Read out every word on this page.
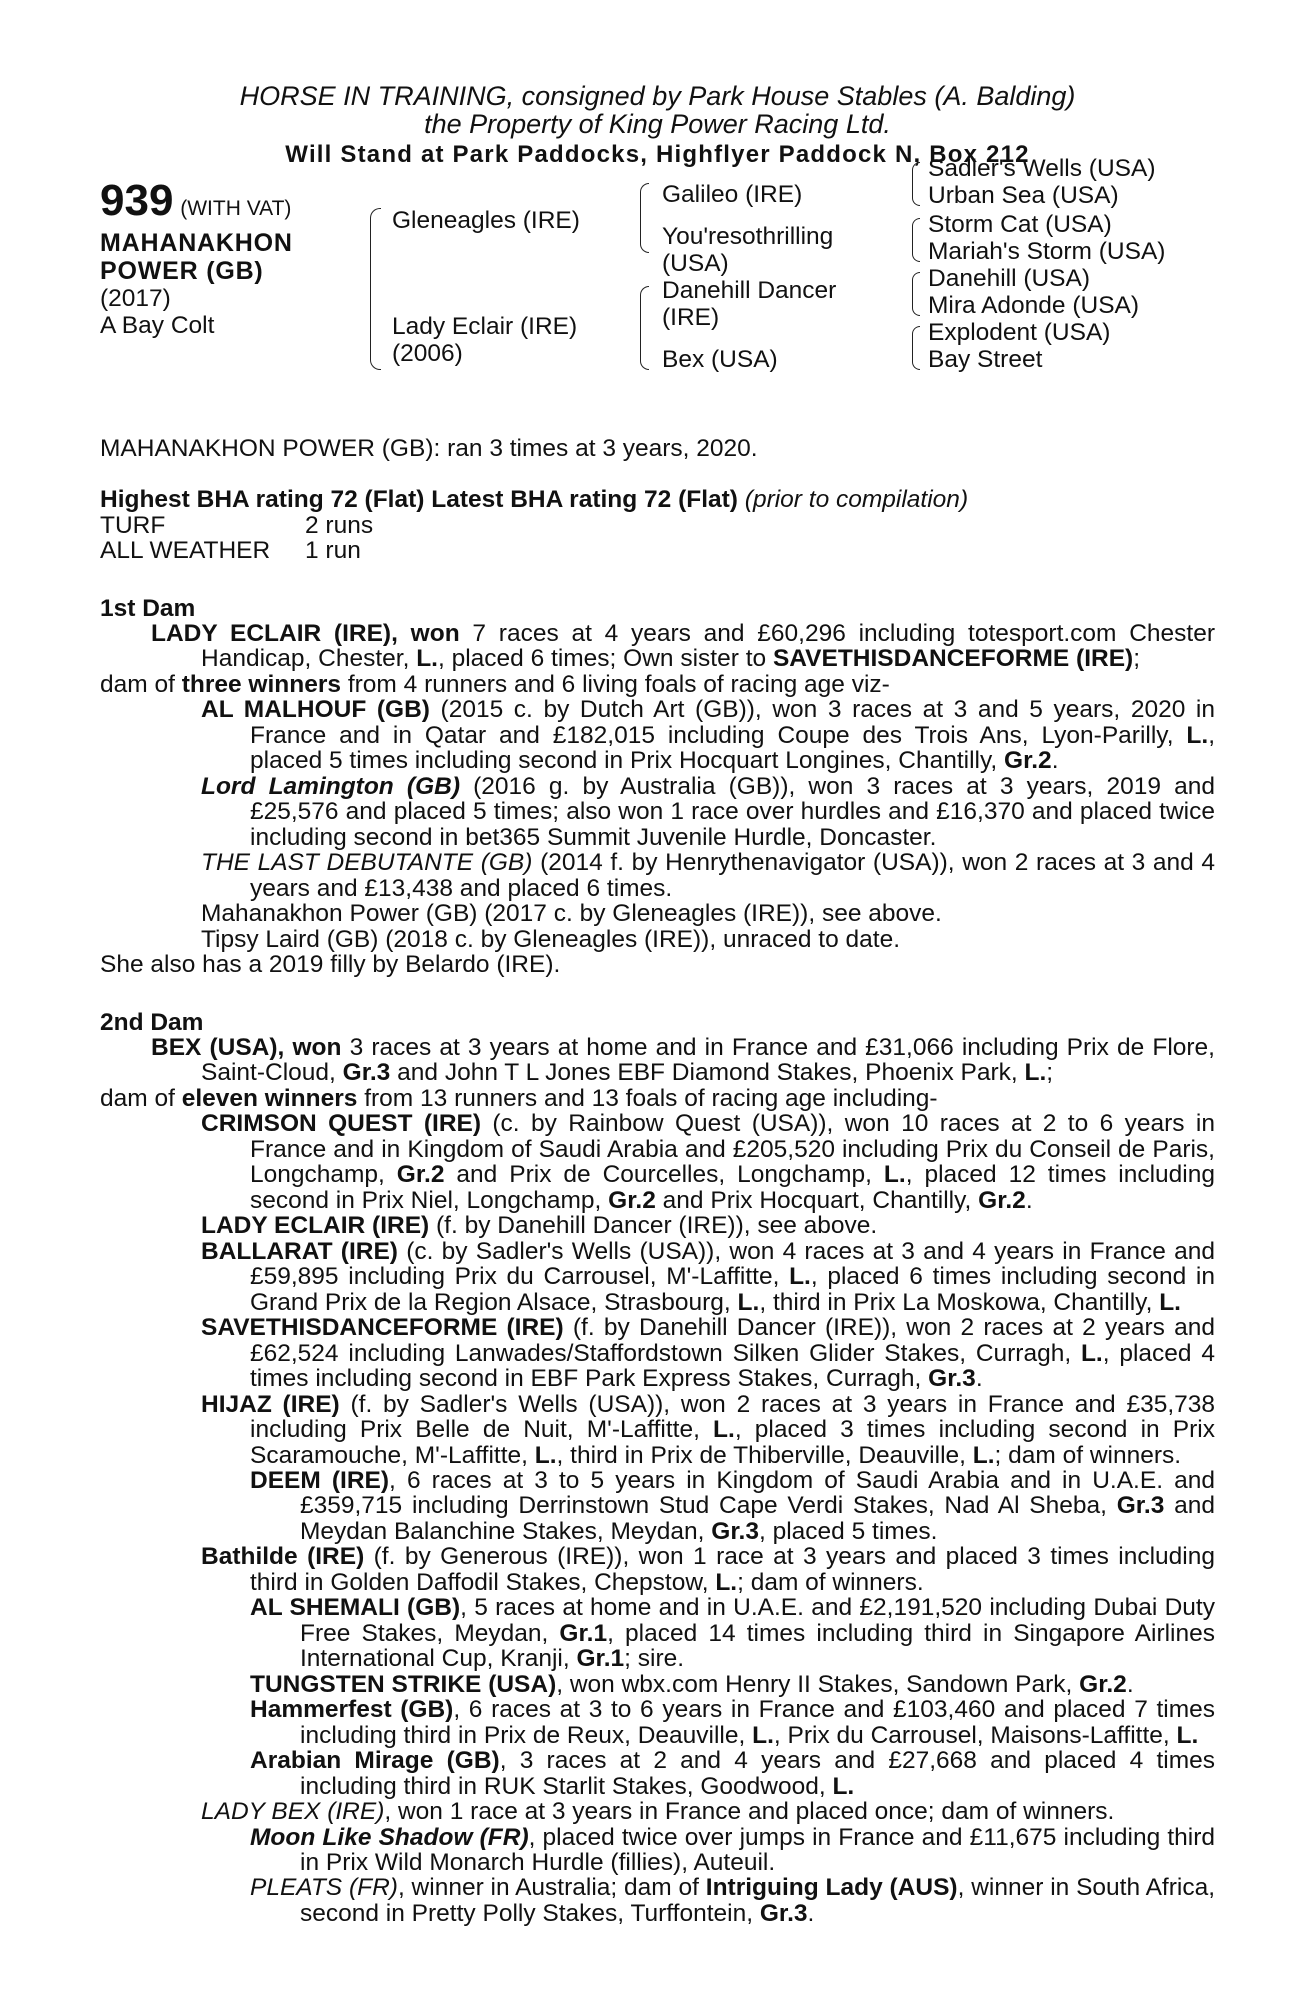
HORSE IN TRAINING, consigned by Park House Stables (A. Balding)
the Property of King Power Racing Ltd.
Will Stand at Park Paddocks, Highflyer Paddock N, Box 212
939 (WITH VAT)
MAHANAKHON
POWER (GB)
(2017)
A Bay Colt
Gleneagles (IRE)
Lady Eclair (IRE)
(2006)
Galileo (IRE)
You'resothrilling
(USA)
Danehill Dancer
(IRE)
Bex (USA)
Sadler's Wells (USA)
Urban Sea (USA)
Storm Cat (USA)
Mariah's Storm (USA)
Danehill (USA)
Mira Adonde (USA)
Explodent (USA)
Bay Street
MAHANAKHON POWER (GB): ran 3 times at 3 years, 2020.
Highest BHA rating 72 (Flat) Latest BHA rating 72 (Flat) (prior to compilation)
TURF	2 runs
ALL WEATHER 1 run
1st Dam

LADY ECLAIR (IRE), won 7 races at 4 years and £60,296 including totesport.com Chester Handicap, Chester, L., placed 6 times; Own sister to SAVETHISDANCEFORME (IRE);

dam of three winners from 4 runners and 6 living foals of racing age viz-

AL MALHOUF (GB) (2015 c. by Dutch Art (GB)), won 3 races at 3 and 5 years, 2020 in France and in Qatar and £182,015 including Coupe des Trois Ans, Lyon-Parilly, L., placed 5 times including second in Prix Hocquart Longines, Chantilly, Gr.2.

Lord Lamington (GB) (2016 g. by Australia (GB)), won 3 races at 3 years, 2019 and £25,576 and placed 5 times; also won 1 race over hurdles and £16,370 and placed twice including second in bet365 Summit Juvenile Hurdle, Doncaster.

THE LAST DEBUTANTE (GB) (2014 f. by Henrythenavigator (USA)), won 2 races at 3 and 4 years and £13,438 and placed 6 times.

Mahanakhon Power (GB) (2017 c. by Gleneagles (IRE)), see above.

Tipsy Laird (GB) (2018 c. by Gleneagles (IRE)), unraced to date.

She also has a 2019 filly by Belardo (IRE).

2nd Dam

BEX (USA), won 3 races at 3 years at home and in France and £31,066 including Prix de Flore, Saint-Cloud, Gr.3 and John T L Jones EBF Diamond Stakes, Phoenix Park, L.;

dam of eleven winners from 13 runners and 13 foals of racing age including-

CRIMSON QUEST (IRE) (c. by Rainbow Quest (USA)), won 10 races at 2 to 6 years in France and in Kingdom of Saudi Arabia and £205,520 including Prix du Conseil de Paris, Longchamp, Gr.2 and Prix de Courcelles, Longchamp, L., placed 12 times including second in Prix Niel, Longchamp, Gr.2 and Prix Hocquart, Chantilly, Gr.2.

LADY ECLAIR (IRE) (f. by Danehill Dancer (IRE)), see above.

BALLARAT (IRE) (c. by Sadler's Wells (USA)), won 4 races at 3 and 4 years in France and £59,895 including Prix du Carrousel, M'-Laffitte, L., placed 6 times including second in Grand Prix de la Region Alsace, Strasbourg, L., third in Prix La Moskowa, Chantilly, L.

SAVETHISDANCEFORME (IRE) (f. by Danehill Dancer (IRE)), won 2 races at 2 years and £62,524 including Lanwades/Staffordstown Silken Glider Stakes, Curragh, L., placed 4 times including second in EBF Park Express Stakes, Curragh, Gr.3.

HIJAZ (IRE) (f. by Sadler's Wells (USA)), won 2 races at 3 years in France and £35,738 including Prix Belle de Nuit, M'-Laffitte, L., placed 3 times including second in Prix Scaramouche, M'-Laffitte, L., third in Prix de Thiberville, Deauville, L.; dam of winners.

DEEM (IRE), 6 races at 3 to 5 years in Kingdom of Saudi Arabia and in U.A.E. and £359,715 including Derrinstown Stud Cape Verdi Stakes, Nad Al Sheba, Gr.3 and Meydan Balanchine Stakes, Meydan, Gr.3, placed 5 times.

Bathilde (IRE) (f. by Generous (IRE)), won 1 race at 3 years and placed 3 times including third in Golden Daffodil Stakes, Chepstow, L.; dam of winners.

AL SHEMALI (GB), 5 races at home and in U.A.E. and £2,191,520 including Dubai Duty Free Stakes, Meydan, Gr.1, placed 14 times including third in Singapore Airlines International Cup, Kranji, Gr.1; sire.

TUNGSTEN STRIKE (USA), won wbx.com Henry II Stakes, Sandown Park, Gr.2.

Hammerfest (GB), 6 races at 3 to 6 years in France and £103,460 and placed 7 times including third in Prix de Reux, Deauville, L., Prix du Carrousel, Maisons-Laffitte, L.

Arabian Mirage (GB), 3 races at 2 and 4 years and £27,668 and placed 4 times including third in RUK Starlit Stakes, Goodwood, L.

LADY BEX (IRE), won 1 race at 3 years in France and placed once; dam of winners.

Moon Like Shadow (FR), placed twice over jumps in France and £11,675 including third in Prix Wild Monarch Hurdle (fillies), Auteuil.

PLEATS (FR), winner in Australia; dam of Intriguing Lady (AUS), winner in South Africa, second in Pretty Polly Stakes, Turffontein, Gr.3.
